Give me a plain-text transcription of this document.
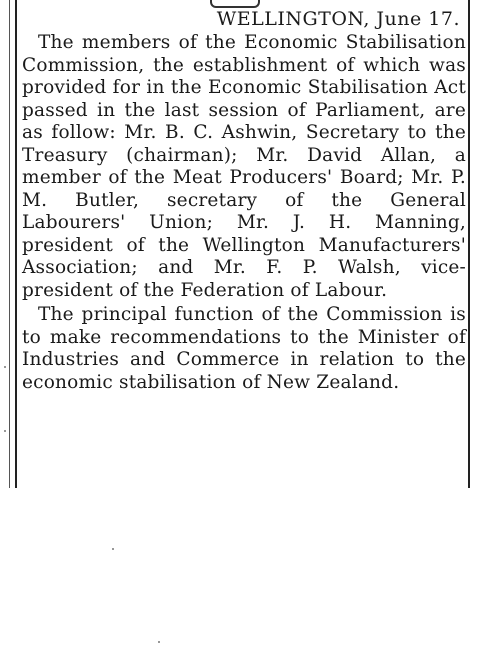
WELLINGTON, June 17.

The members of the Economic Stabilisation Commission, the establishment of which was provided for in the Economic Stabilisation Act passed in the last session of Parliament, are as follow: Mr. B. C. Ashwin, Secretary to the Treasury (chairman); Mr. David Allan, a member of the Meat Producers' Board; Mr. P. M. Butler, secretary of the General Labourers' Union; Mr. J. H. Manning, president of the Wellington Manufacturers' Association; and Mr. F. P. Walsh, vice-president of the Federation of Labour.

The principal function of the Commission is to make recommendations to the Minister of Industries and Commerce in relation to the economic stabilisation of New Zealand.
